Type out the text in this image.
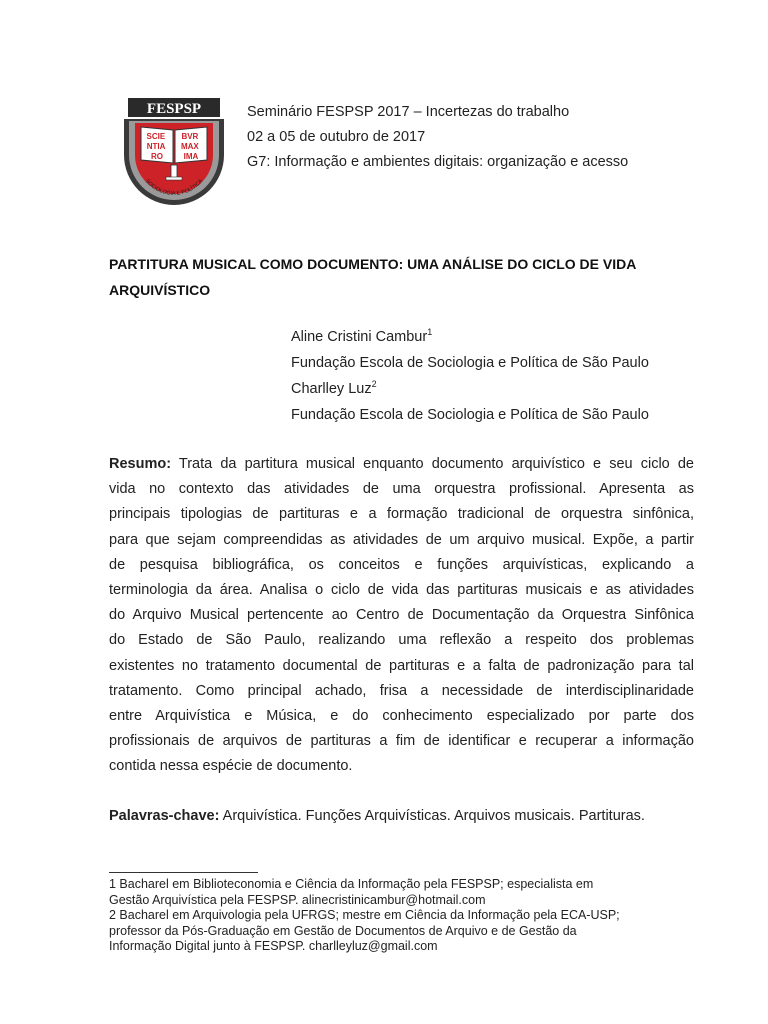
FESPSP
SOCIOLOGIA E POLÍTICA
SCIE NTIA RO
BVR MAX IMA
Seminário FESPSP 2017 – Incertezas do trabalho
02 a 05 de outubro de 2017
G7: Informação e ambientes digitais: organização e acesso
PARTITURA MUSICAL COMO DOCUMENTO: UMA ANÁLISE DO CICLO DE VIDA
ARQUIVÍSTICO
Aline Cristini Cambur$^1$
Fundação Escola de Sociologia e Política de São Paulo
Charlley Luz$^2$
Fundação Escola de Sociologia e Política de São Paulo
Resumo: Trata da partitura musical enquanto documento arquivístico e seu ciclo de
vida no contexto das atividades de uma orquestra profissional. Apresenta as
principais tipologias de partituras e a formação tradicional de orquestra sinfônica,
para que sejam compreendidas as atividades de um arquivo musical. Expõe, a partir
de pesquisa bibliográfica, os conceitos e funções arquivísticas, explicando a
terminologia da área. Analisa o ciclo de vida das partituras musicais e as atividades
do Arquivo Musical pertencente ao Centro de Documentação da Orquestra Sinfônica
do Estado de São Paulo, realizando uma reflexão a respeito dos problemas
existentes no tratamento documental de partituras e a falta de padronização para tal
tratamento. Como principal achado, frisa a necessidade de interdisciplinaridade
entre Arquivística e Música, e do conhecimento especializado por parte dos
profissionais de arquivos de partituras a fim de identificar e recuperar a informação
contida nessa espécie de documento.
Palavras-chave: Arquivística. Funções Arquivísticas. Arquivos musicais. Partituras.
1 Bacharel em Biblioteconomia e Ciência da Informação pela FESPSP; especialista em
Gestão Arquivística pela FESPSP. alinecristinicambur@hotmail.com
2 Bacharel em Arquivologia pela UFRGS; mestre em Ciência da Informação pela ECA-USP;
professor da Pós-Graduação em Gestão de Documentos de Arquivo e de Gestão da
Informação Digital junto à FESPSP. charlleyluz@gmail.com
